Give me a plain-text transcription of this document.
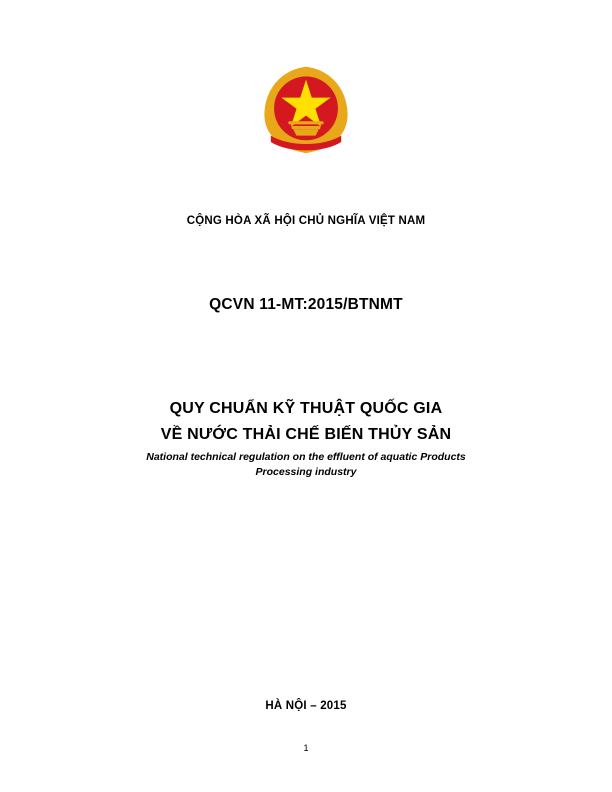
CỘNG HÒA XÃ HỘI CHỦ NGHĨA VIỆT NAM
QCVN 11-MT:2015/BTNMT
QUY CHUẨN KỸ THUẬT QUỐC GIA
VỀ NƯỚC THẢI CHẾ BIẾN THỦY SẢN
National technical regulation on the effluent of aquatic Products
Processing industry
HÀ NỘI – 2015
1
